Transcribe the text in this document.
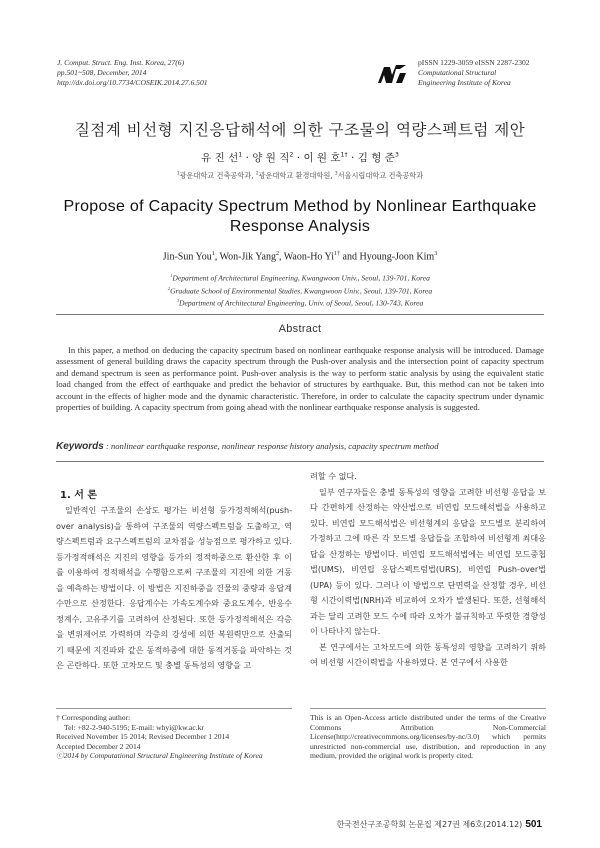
J. Comput. Struct. Eng. Inst. Korea, 27(6)
pp.501~508, December, 2014
http://dx.doi.org/10.7734/COSEIK.2014.27.6.501
pISSN 1229-3059 eISSN 2287-2302
Computational Structural
Engineering Institute of Korea
질점계 비선형 지진응답해석에 의한 구조물의 역량스펙트럼 제안
유 진 선$^1$ · 양 원 직$^2$ · 이 원 호$^{1\dagger}$ · 김 형 준$^3$
$^1$광운대학교 건축공학과, $^2$광운대학교 환경대학원, $^3$서울시립대학교 건축공학과
Propose of Capacity Spectrum Method by Nonlinear Earthquake
Response Analysis
Jin-Sun You$^1$, Won-Jik Yang$^2$, Waon-Ho $Yi^{1\dagger}$ and Hyoung-Joon Kim$^3$
$^1$Department of Architectural Engineering, Kwangwoon Univ., Seoul, 139-701, Korea
$^2$Graduate School of Environmental Studies, Kwangwoon Univ., Seoul, 139-701, Korea
$^3$Department of Architectural Engineering, Univ. of Seoul, Seoul, 130-743, Korea
Abstract
In this paper, a method on deducing the capacity spectrum based on nonlinear earthquake response analysis will be introduced. Damage assessment of general building draws the capacity spectrum through the Push-over analysis and the intersection point of capacity spectrum and demand spectrum is seen as performance point. Push-over analysis is the way to perform static analysis by using the equivalent static load changed from the effect of earthquake and predict the behavior of structures by earthquake. But, this method can not be taken into account in the effects of higher mode and the dynamic characteristic. Therefore, in order to calculate the capacity spectrum under dynamic properties of building. A capacity spectrum from going ahead with the nonlinear earthquake response analysis is suggested.
Keywords : nonlinear earthquake response, nonlinear response history analysis, capacity spectrum method
1. 서 론

일반적인 구조물의 손상도 평가는 비선형 등가정적해석(push-over analysis)을 통하여 구조물의 역량스펙트럼을 도출하고, 역량스펙트럼과 요구스펙트럼의 교차점을 성능점으로 평가하고 있다. 등가정적해석은 지진의 영향을 등가의 정적하중으로 환산한 후 이를 이용하여 정적해석을 수행함으로써 구조물의 지진에 의한 거동을 예측하는 방법이다. 이 방법은 지진하중을 건물의 중량과 응답계수만으로 산정한다. 응답계수는 가속도계수와 중요도계수, 반응수정계수, 고유주기를 고려하여 산정된다. 또한 등가정적해석은 각층을 변위제어로 가력하며 각층의 강성에 의한 복원력만으로 산출되기 때문에 지진파와 같은 동적하중에 대한 동적거동을 파악하는 것은 곤란하다. 또한 고차모드 및 충별 동특성의 영향을 고

려할 수 없다.

일부 연구자들은 충별 동특성의 영향을 고려한 비선형 응답을 보다 간편하게 산정하는 약산법으로 비연립 모드해석법을 사용하고 있다. 비연립 모드해석법은 비선형계의 응답을 모드별로 분리하여 가정하고 그에 따른 각 모드별 응답들을 조합하여 비선형계 최대응답을 산정하는 방법이다. 비연립 모드해석법에는 비연립 모드중첩법(UMS), 비연립 응답스펙트럼법(URS), 비연립 Push-over법(UPA) 등이 있다. 그러나 이 방법으로 단면력을 산정할 경우, 비선형 시간이력법(NRH)과 비교하여 오차가 발생된다. 또한, 선형해석과는 달리 고려한 모드 수에 따라 오차가 불규칙하고 뚜렷한 경향성이 나타나지 않는다.

본 연구에서는 고차모드에 의한 동특성의 영향을 고려하기 위하여 비선형 시간이력법을 사용하였다. 본 연구에서 사용한

† Corresponding author:
Tel: +82-2-940-5195; E-mail: whyi@kw.ac.kr
Received November 15 2014; Revised December 1 2014
Accepted December 2 2014
ⓒ2014 by Computational Structural Engineering Institute of Korea
This is an Open-Access article distributed under the terms of the Creative Commons Attribution Non-Commercial License(http://creativecommons.org/licenses/by-nc/3.0) which permits unrestricted non-commercial use, distribution, and reproduction in any medium, provided the original work is properly cited.
한국전산구조공학회 논문집 제27권 제6호(2014.12) 501
